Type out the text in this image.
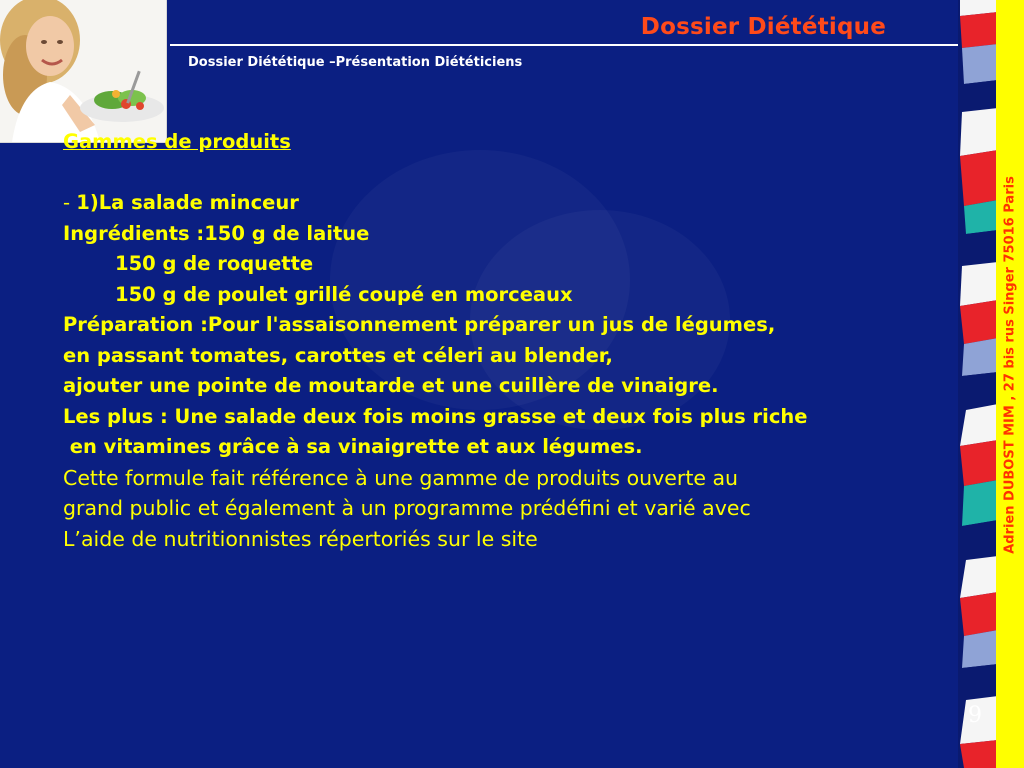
Dossier Diététique
Dossier Diététique –Présentation Diététiciens
Gammes de produits
- 1)La salade minceur
Ingrédients :150 g de laitue
150 g de roquette
150 g de poulet grillé coupé en morceaux
Préparation :Pour l'assaisonnement préparer un jus de légumes,
en passant tomates, carottes et céleri au blender,
ajouter une pointe de moutarde et une cuillère de vinaigre.
Les plus : Une salade deux fois moins grasse et deux fois plus riche
en vitamines grâce à sa vinaigrette et aux légumes.
Cette formule fait référence à une gamme de produits ouverte au
grand public et également à un programme prédéfini et varié avec
L’aide de nutritionnistes répertoriés sur le site	Adrien DUBOST MIM , 27 bis rus Singer 75016 Paris
9
